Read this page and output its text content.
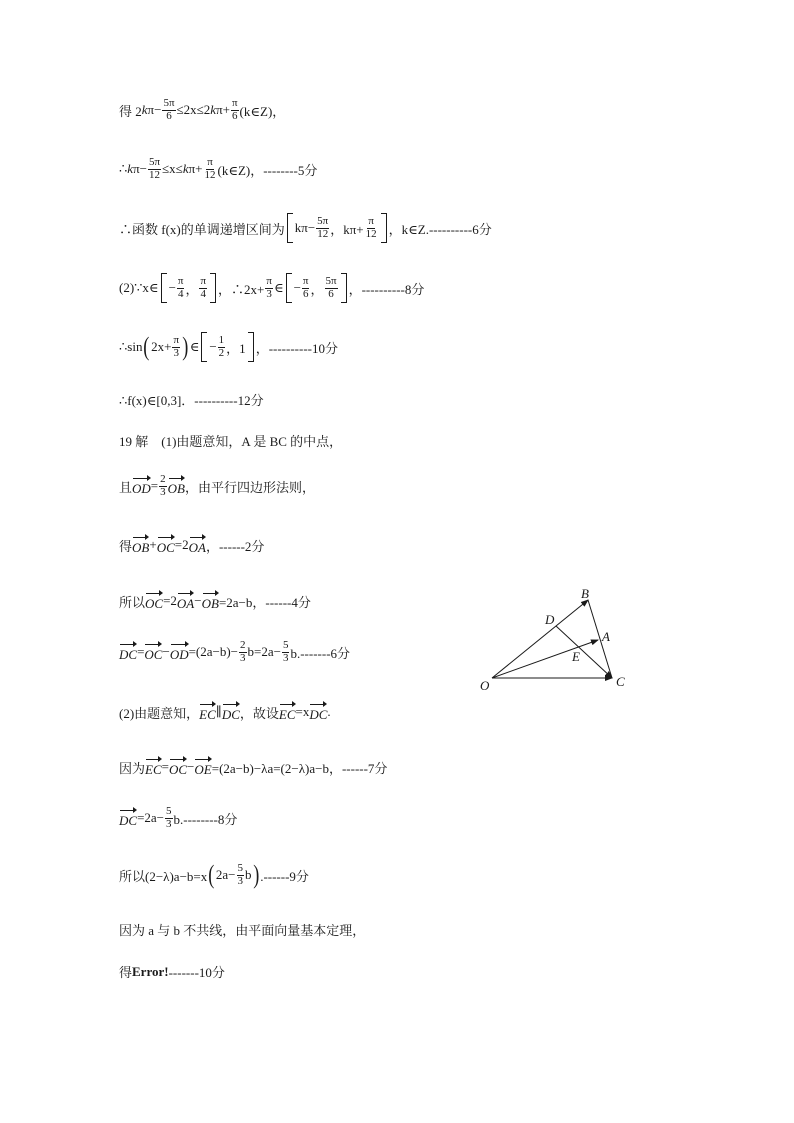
得 2 k $\pi- \frac{5\pi}{6} \le 2x\le 2$ k $\pi+ \frac{\pi}{6}$ (k∈Z)，
∴ k $\pi- \frac{5\pi}{12} \le x\le k$ $\pi+ \frac{\pi}{12}$ (k∈Z)，--------5分
∴函数 f(x)的单调递增区间为 $k\pi- \frac{5\pi}{12}$ ，$k\pi+ \frac{\pi}{12}$ ，k∈Z.----------6分
(2)∵x∈ − $\frac{\pi}{4}$ ， $\frac{\pi}{4}$ ，∴2x+ $\frac{\pi}{3}$ ∈ − $\frac{\pi}{6}$ ， $\frac{5\pi}{6}$ ，----------8分
∴sin ( $2x+ \frac{\pi}{3}$ ) ∈ − $\frac{1}{2}$ ，1 ，----------10分
∴f(x)∈[0,3]．----------12分
19 解　(1)由题意知，A 是 BC 的中点，
且 OD = $\frac{2}{3}$ OB ，由平行四边形法则，
得 OB + OC =2 OA ，------2分
所以 OC =2 OA − OB =2a−b，------4分
DC = OC − OD $=(2a-b)- \frac{2}{3} b=2a- \frac{5}{3} b.-------6$分
(2)由题意知， EC ∥ DC ，故设 EC =x DC .
因为 EC = OC − OE =(2a−b)−λa=(2−λ)a−b，------7分
DC $=2a- \frac{5}{3} b.--------8$分
所以(2−λ)a−b=x ( $2a- \frac{5}{3}$ b ) .------9分
因为 a 与 b 不共线，由平面向量基本定理，
得 Error! -------10分
O
B
D
A
E
C
